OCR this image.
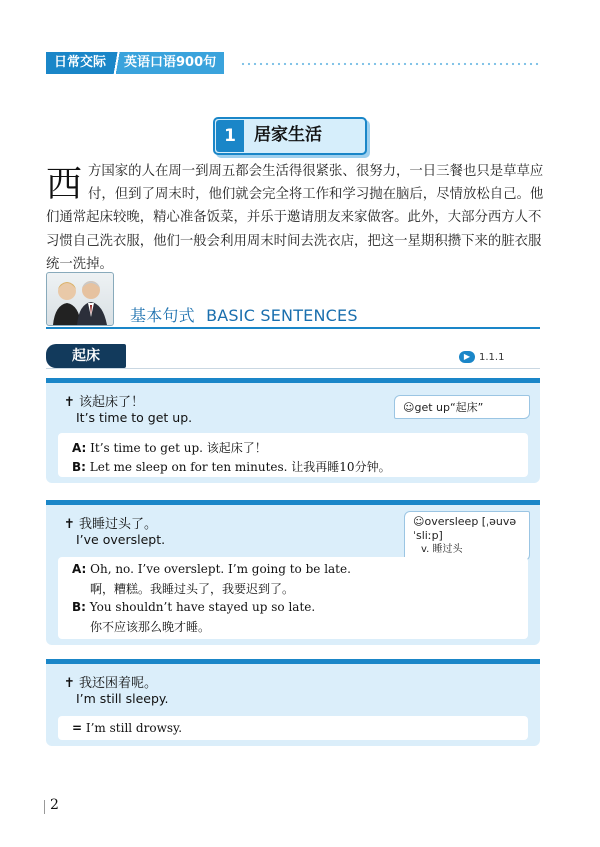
日常交际	英语口语900句
1	居家生活
西 方国家的人在周一到周五都会生活得很紧张、很努力，一日三餐也只是草草应付，但到了周末时，他们就会完全将工作和学习抛在脑后，尽情放松自己。他们通常起床较晚，精心准备饭菜，并乐于邀请朋友来家做客。此外，大部分西方人不习惯自己洗衣服，他们一般会利用周末时间去洗衣店，把这一星期积攒下来的脏衣服统一洗掉。
基本句式 BASIC SENTENCES
起床	▶ 1.1.1
✝ 该起床了！
It’s time to get up.
☺get up“起床”
A: It’s time to get up. 该起床了！
B: Let me sleep on for ten minutes. 让我再睡10分钟。
✝ 我睡过头了。
I’ve overslept.
☺oversleep [ˌəuvəˈsliːp]
v. 睡过头
A: Oh, no. I’ve overslept. I’m going to be late.
啊，糟糕。我睡过头了，我要迟到了。
B: You shouldn’t have stayed up so late.
你不应该那么晚才睡。
✝ 我还困着呢。
I’m still sleepy.
= I’m still drowsy.
2
